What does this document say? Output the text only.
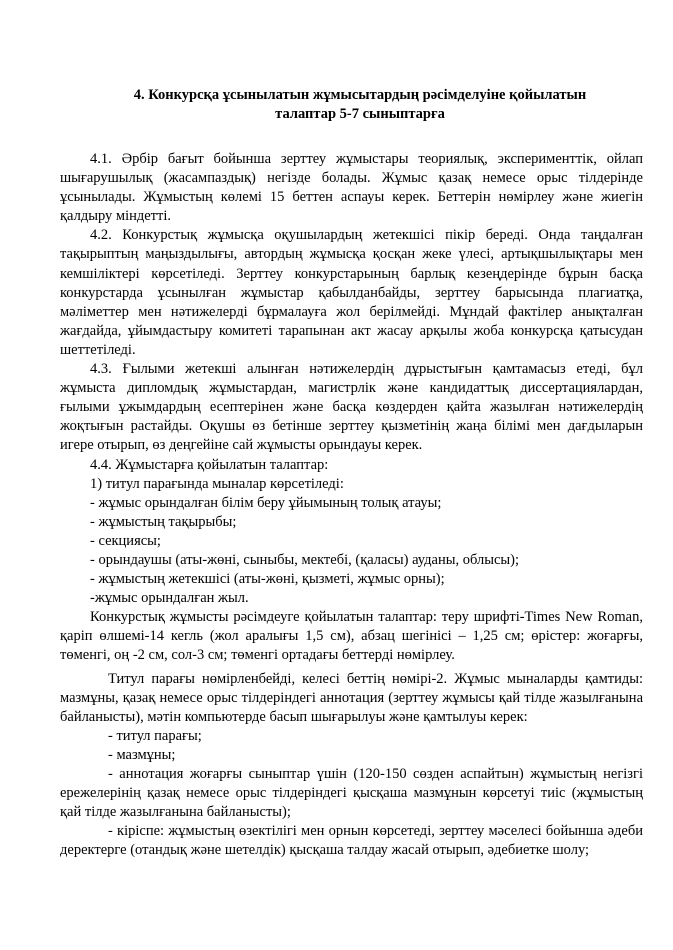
4. Конкурсқа ұсынылатын жұмысытардың рәсімделуіне қойылатын
талаптар 5-7 сыныптарға

4.1. Әрбір бағыт бойынша зерттеу жұмыстары теориялық, эксперименттік, ойлап шығарушылық (жасампаздық) негізде болады. Жұмыс қазақ немесе орыс тілдерінде ұсынылады. Жұмыстың көлемі 15 беттен аспауы керек. Беттерін нөмірлеу және жиегін қалдыру міндетті.

4.2. Конкурстық жұмысқа оқушылардың жетекшісі пікір береді. Онда таңдалған тақырыптың маңыздылығы, автордың жұмысқа қосқан жеке үлесі, артықшылықтары мен кемшіліктері көрсетіледі. Зерттеу конкурстарының барлық кезеңдерінде бұрын басқа конкурстарда ұсынылған жұмыстар қабылданбайды, зерттеу барысында плагиатқа, мәліметтер мен нәтижелерді бұрмалауға жол берілмейді. Мұндай фактілер анықталған жағдайда, ұйымдастыру комитеті тарапынан акт жасау арқылы жоба конкурсқа қатысудан шеттетіледі.

4.3. Ғылыми жетекші алынған нәтижелердің дұрыстығын қамтамасыз етеді, бұл жұмыста дипломдық жұмыстардан, магистрлік және кандидаттық диссертациялардан, ғылыми ұжымдардың есептерінен және басқа көздерден қайта жазылған нәтижелердің жоқтығын растайды. Оқушы өз бетінше зерттеу қызметінің жаңа білімі мен дағдыларын игере отырып, өз деңгейіне сай жұмысты орындауы керек.

4.4. Жұмыстарға қойылатын талаптар:

1) титул парағында мыналар көрсетіледі:

- жұмыс орындалған білім беру ұйымының толық атауы;

- жұмыстың тақырыбы;

- секциясы;

- орындаушы (аты-жөні, сыныбы, мектебі, (қаласы) ауданы, облысы);

- жұмыстың жетекшісі (аты-жөні, қызметі, жұмыс орны);

-жұмыс орындалған жыл.

Конкурстық жұмысты рәсімдеуге қойылатын талаптар: теру шрифті-Times New Roman, қаріп өлшемі-14 кегль (жол аралығы 1,5 см), абзац шегінісі – 1,25 см; өрістер: жоғарғы, төменгі, оң -2 см, сол-3 см; төменгі ортадағы беттерді нөмірлеу.

Титул парағы нөмірленбейді, келесі беттің нөмірі-2. Жұмыс мыналарды қамтиды: мазмұны, қазақ немесе орыс тілдеріндегі аннотация (зерттеу жұмысы қай тілде жазылғанына байланысты), мәтін компьютерде басып шығарылуы және қамтылуы керек:

- титул парағы;

- мазмұны;

- аннотация жоғарғы сыныптар үшін (120-150 сөзден аспайтын) жұмыстың негізгі ережелерінің қазақ немесе орыс тілдеріндегі қысқаша мазмұнын көрсетуі тиіс (жұмыстың қай тілде жазылғанына байланысты);

- кіріспе: жұмыстың өзектілігі мен орнын көрсетеді, зерттеу мәселесі бойынша әдеби деректерге (отандық және шетелдік) қысқаша талдау жасай отырып, әдебиетке шолу;
